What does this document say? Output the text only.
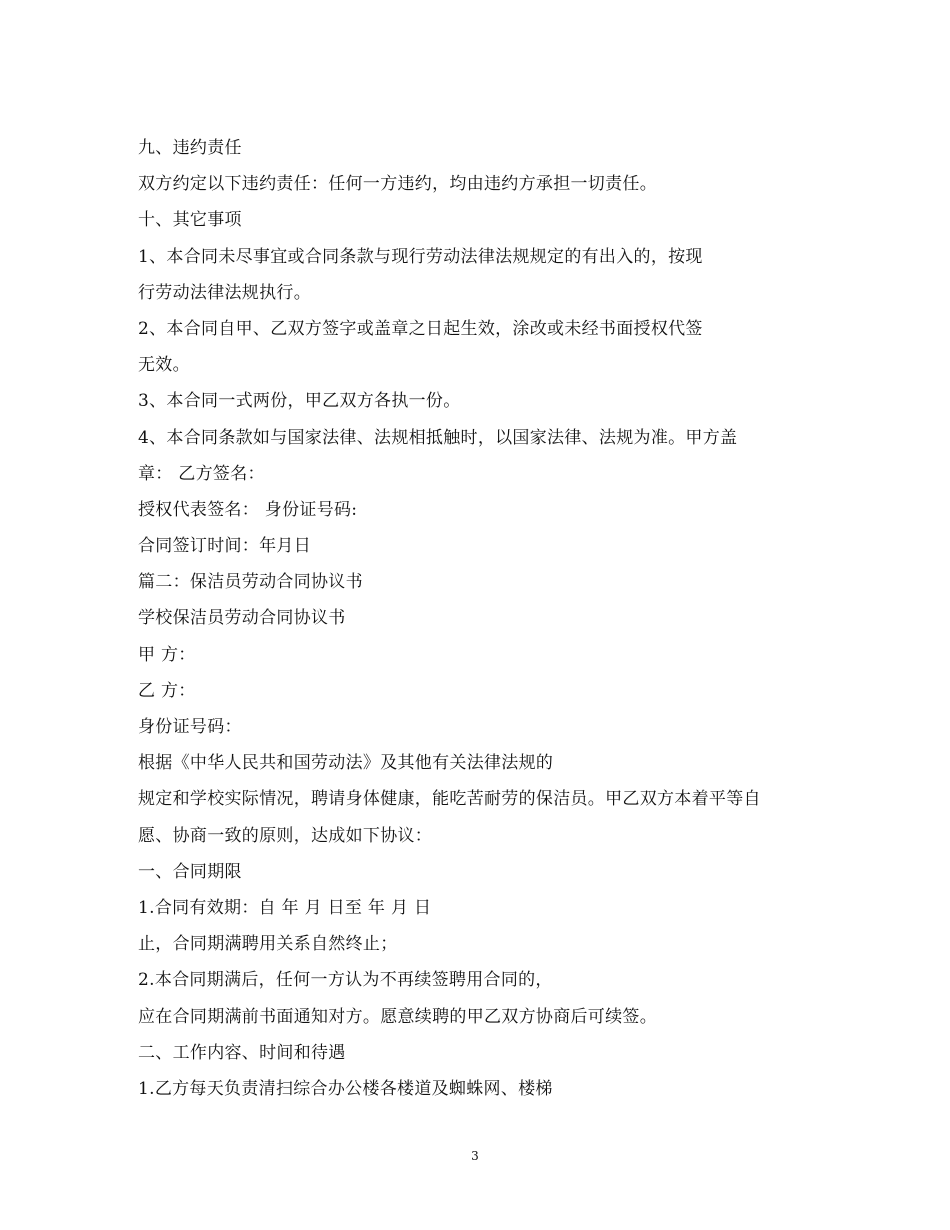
九、违约责任
双方约定以下违约责任：任何一方违约，均由违约方承担一切责任。
十、其它事项
1、本合同未尽事宜或合同条款与现行劳动法律法规规定的有出入的，按现
行劳动法律法规执行。
2、本合同自甲、乙双方签字或盖章之日起生效，涂改或未经书面授权代签
无效。
3、本合同一式两份，甲乙双方各执一份。
4、本合同条款如与国家法律、法规相抵触时，以国家法律、法规为准。甲方盖
章： 乙方签名：
授权代表签名： 身份证号码:
合同签订时间：年月日
篇二：保洁员劳动合同协议书
学校保洁员劳动合同协议书
甲 方：
乙 方：
身份证号码：
根据《中华人民共和国劳动法》及其他有关法律法规的
规定和学校实际情况，聘请身体健康，能吃苦耐劳的保洁员。甲乙双方本着平等自
愿、协商一致的原则，达成如下协议：
一、合同期限
1.合同有效期：自 年 月 日至 年 月 日
止，合同期满聘用关系自然终止；
2.本合同期满后，任何一方认为不再续签聘用合同的，
应在合同期满前书面通知对方。愿意续聘的甲乙双方协商后可续签。
二、工作内容、时间和待遇
1.乙方每天负责清扫综合办公楼各楼道及蜘蛛网、楼梯
3
